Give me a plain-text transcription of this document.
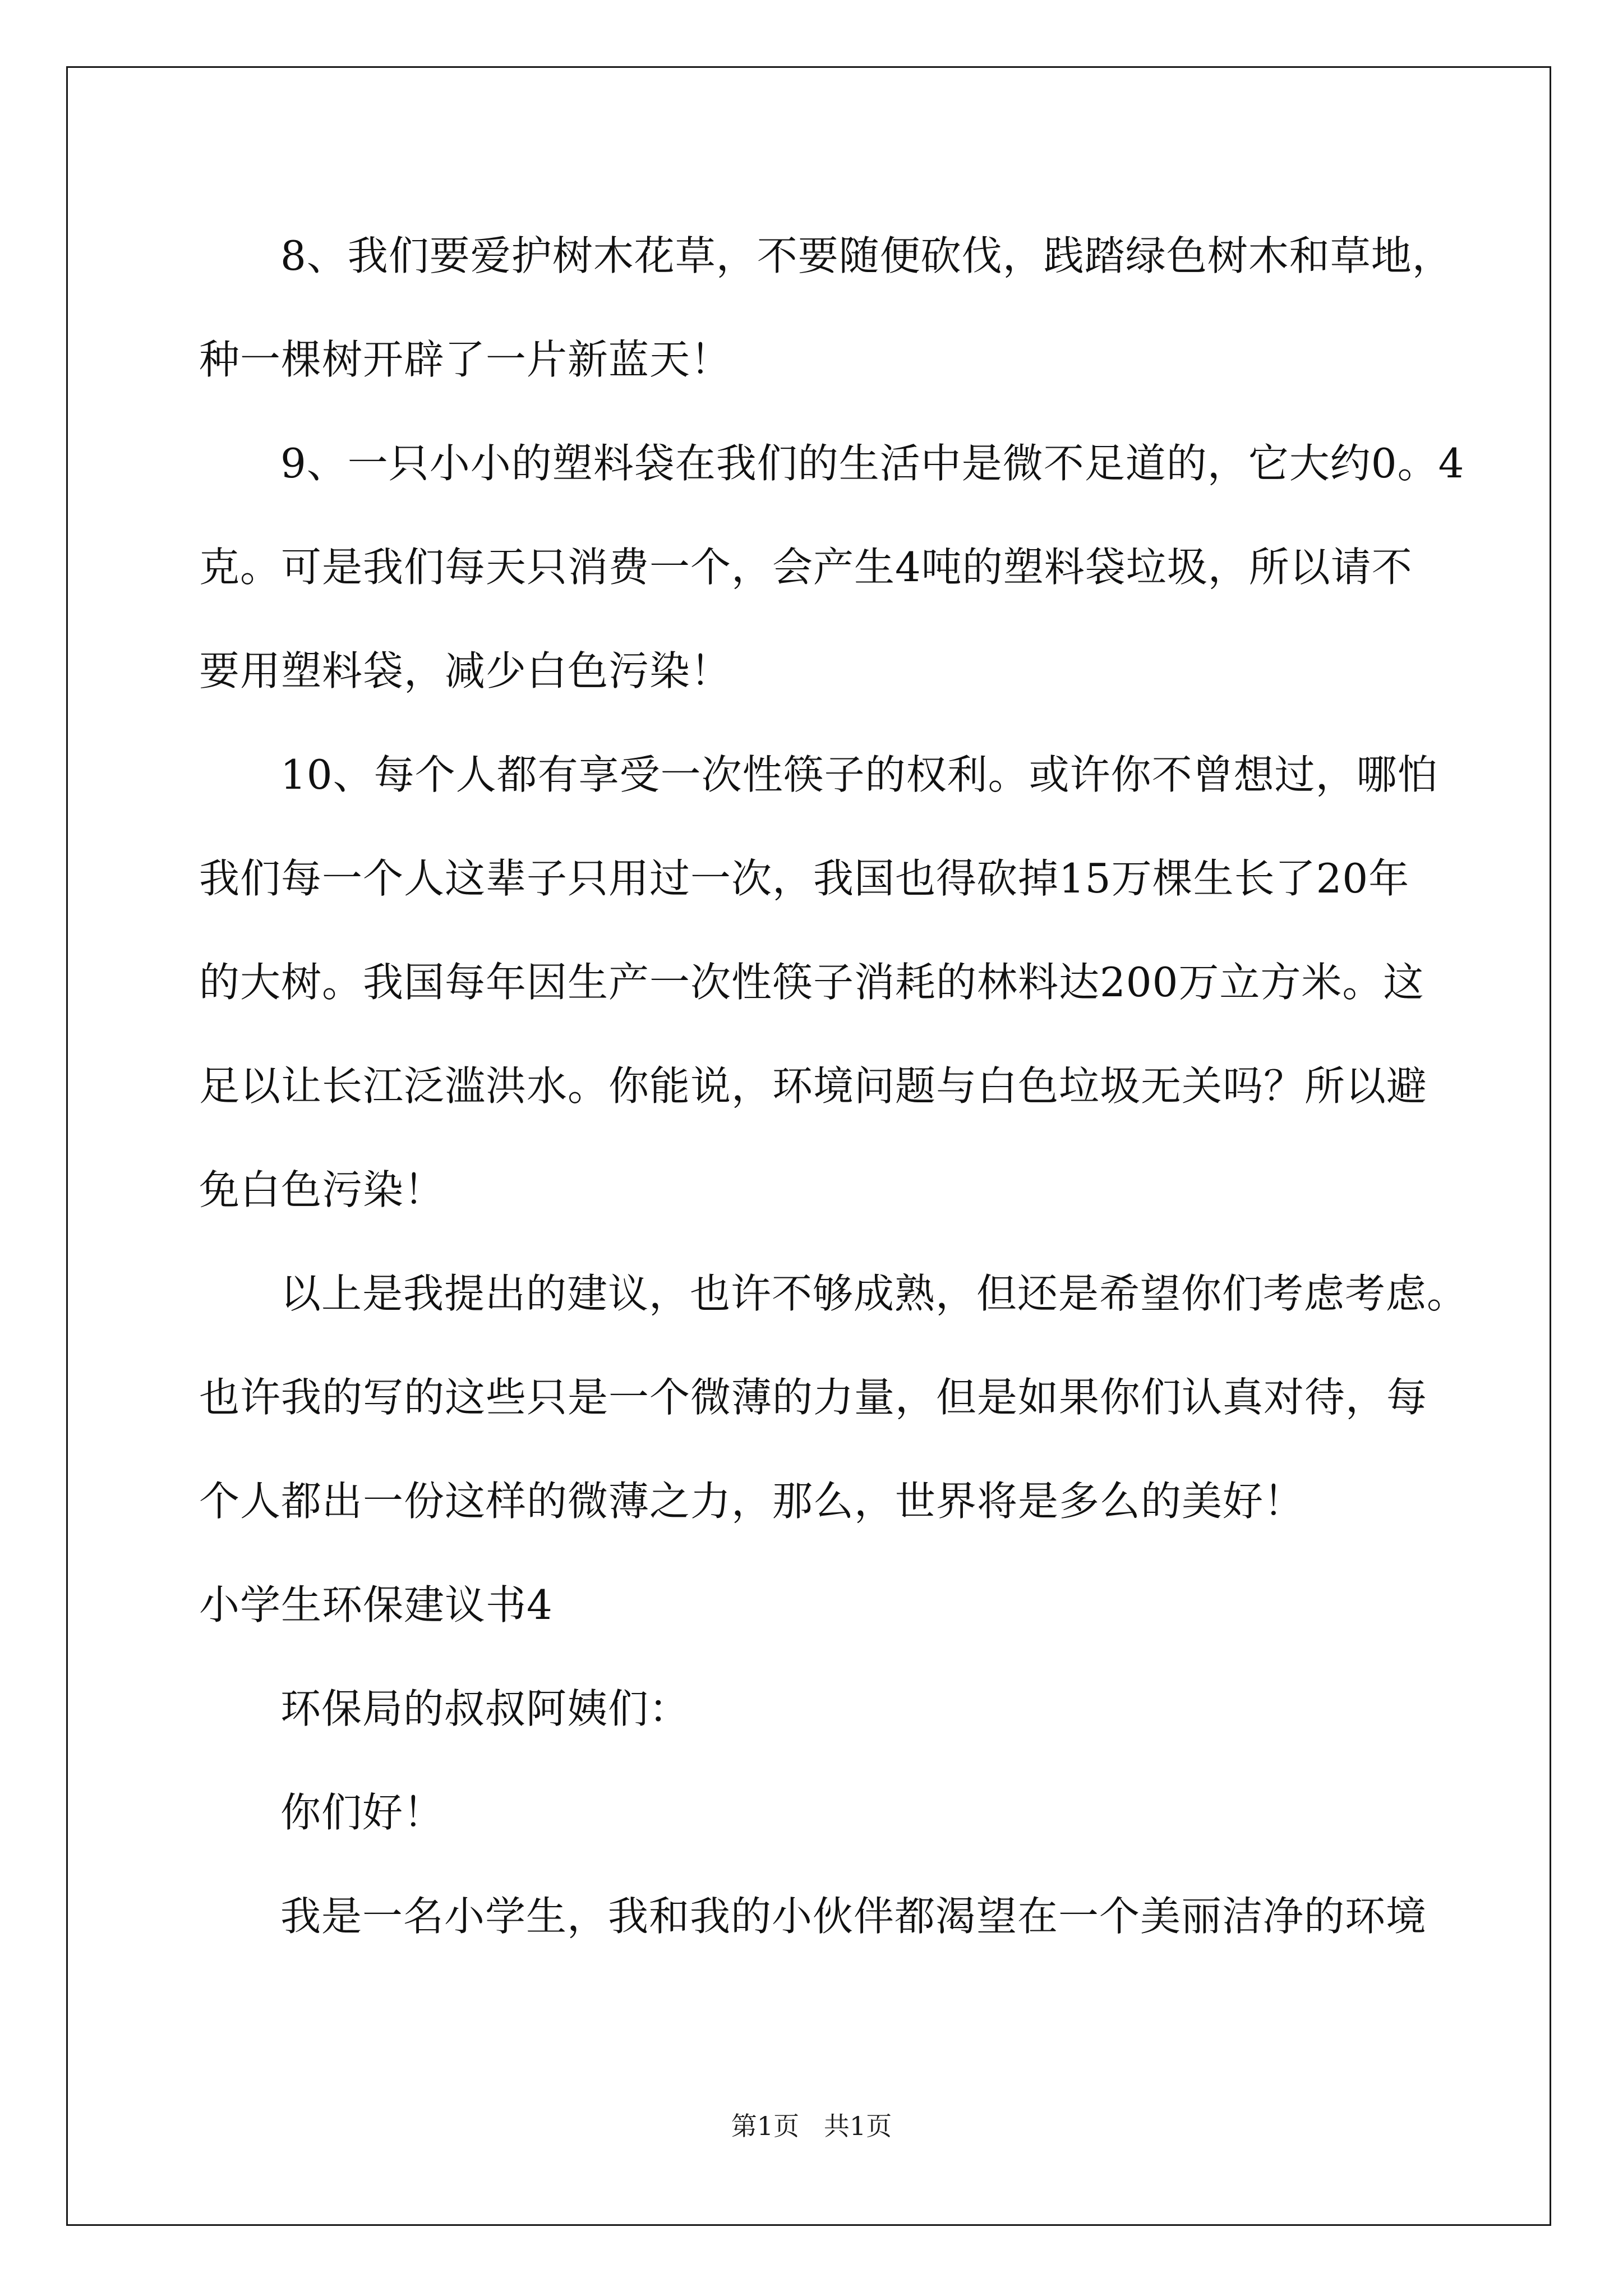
8、我们要爱护树木花草，不要随便砍伐，践踏绿色树木和草地，
种一棵树开辟了一片新蓝天！
9、一只小小的塑料袋在我们的生活中是微不足道的，它大约0。4
克。可是我们每天只消费一个，会产生4吨的塑料袋垃圾，所以请不
要用塑料袋，减少白色污染！
10、每个人都有享受一次性筷子的权利。或许你不曾想过，哪怕
我们每一个人这辈子只用过一次，我国也得砍掉15万棵生长了20年
的大树。我国每年因生产一次性筷子消耗的林料达200万立方米。这
足以让长江泛滥洪水。你能说，环境问题与白色垃圾无关吗？所以避
免白色污染！
以上是我提出的建议，也许不够成熟，但还是希望你们考虑考虑。
也许我的写的这些只是一个微薄的力量，但是如果你们认真对待，每
个人都出一份这样的微薄之力，那么，世界将是多么的美好！
小学生环保建议书4
环保局的叔叔阿姨们：
你们好！
我是一名小学生，我和我的小伙伴都渴望在一个美丽洁净的环境
第1页   共1页
